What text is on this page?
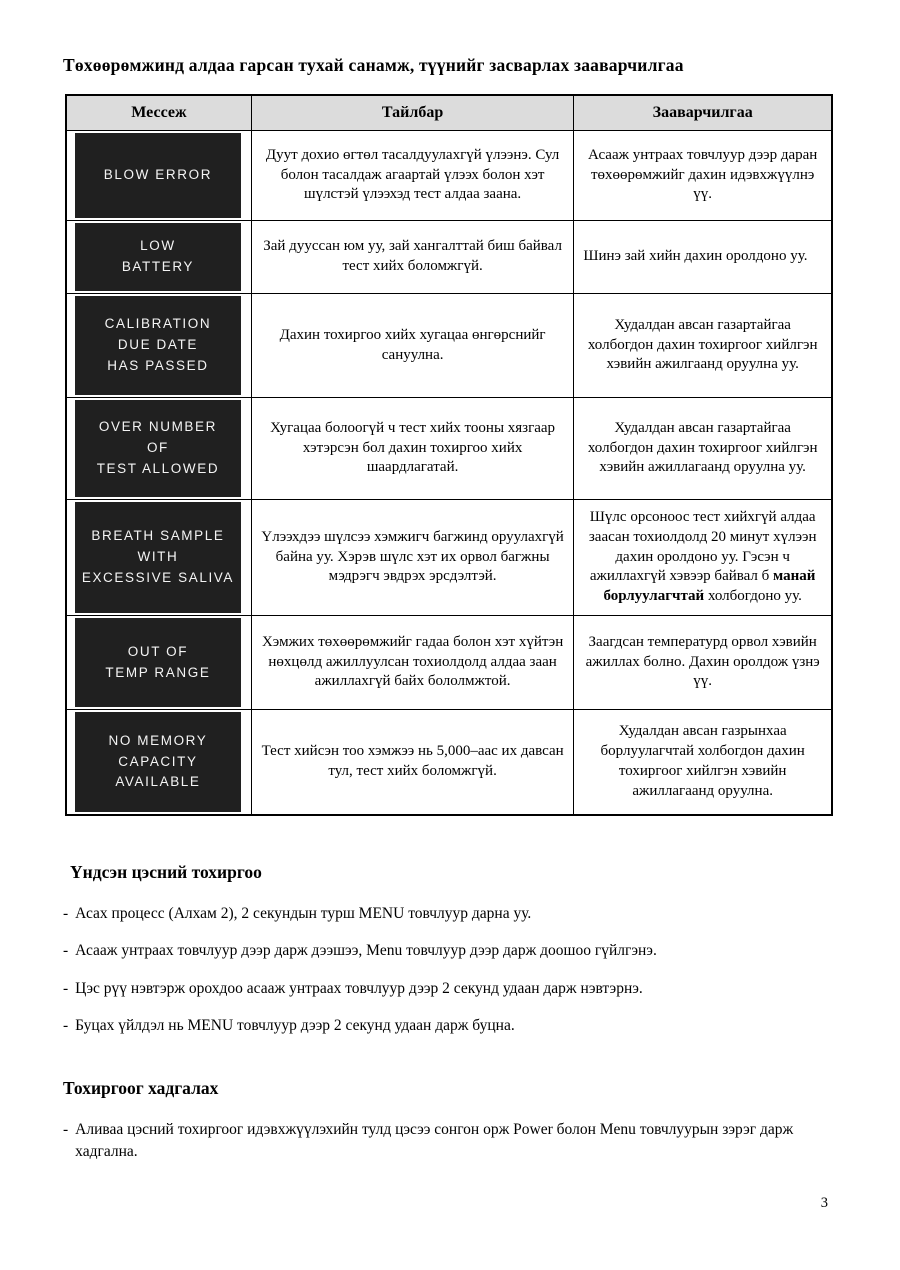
Төхөөрөмжинд алдаа гарсан тухай санамж, түүнийг засварлах зааварчилгаа
Мессеж	Тайлбар	Зааварчилгаа

BLOW ERROR	Дуут дохио өгтөл тасалдуулахгүй үлээнэ. Сул болон тасалдаж агаартай үлээх болон хэт шүлстэй үлээхэд тест алдаа заана.	Асааж унтраах товчлуур дээр даран төхөөрөмжийг дахин идэвхжүүлнэ үү.

LOW
BATTERY	Зай дууссан юм уу, зай хангалттай биш байвал тест хийх боломжгүй.	Шинэ зай хийн дахин оролдоно уу.

CALIBRATION
DUE DATE
HAS PASSED	Дахин тохиргоо хийх хугацаа өнгөрснийг сануулна.	Худалдан авсан газартайгаа холбогдон дахин тохиргоог хийлгэн хэвийн ажилгаанд оруулна уу.

OVER NUMBER
OF
TEST ALLOWED	Хугацаа болоогүй ч тест хийх тооны хязгаар хэтэрсэн бол дахин тохиргоо хийх шаардлагатай.	Худалдан авсан газартайгаа холбогдон дахин тохиргоог хийлгэн хэвийн ажиллагаанд оруулна уу.

BREATH SAMPLE
WITH
EXCESSIVE SALIVA	Үлээхдээ шүлсээ хэмжигч багжинд оруулахгүй байна уу. Хэрэв шүлс хэт их орвол багжны мэдрэгч эвдрэх эрсдэлтэй.	Шүлс орсоноос тест хийхгүй алдаа заасан тохиолдолд 20 минут хүлээн дахин оролдоно уу. Гэсэн ч ажиллахгүй хэвээр байвал б манай борлуулагчтай холбогдоно уу.

OUT OF
TEMP RANGE	Хэмжих төхөөрөмжийг гадаа болон хэт хүйтэн нөхцөлд ажиллуулсан тохиолдолд алдаа заан ажиллахгүй байх бололмжтой.	Заагдсан температурд орвол хэвийн ажиллах болно. Дахин оролдож үзнэ үү.

NO MEMORY
CAPACITY
AVAILABLE	Тест хийсэн тоо хэмжээ нь 5,000–аас их давсан тул, тест хийх боломжгүй.	Худалдан авсан газрынхаа борлуулагчтай холбогдон дахин тохиргоог хийлгэн хэвийн ажиллагаанд оруулна.
Үндсэн цэсний тохиргоо
- Асах процесс (Алхам 2), 2 секундын турш MENU товчлуур дарна уу.
- Асааж унтраах товчлуур дээр дарж дээшээ, Menu товчлуур дээр дарж доошоо гүйлгэнэ.
- Цэс рүү нэвтэрж орохдоо асааж унтраах товчлуур дээр 2 секунд удаан дарж нэвтэрнэ.
- Буцах үйлдэл нь MENU товчлуур дээр 2 секунд удаан дарж буцна.
Тохиргоог хадгалах
- Аливаа цэсний тохиргоог идэвхжүүлэхийн тулд цэсээ сонгон орж Power болон Menu товчлуурын зэрэг дарж хадгална.
3
